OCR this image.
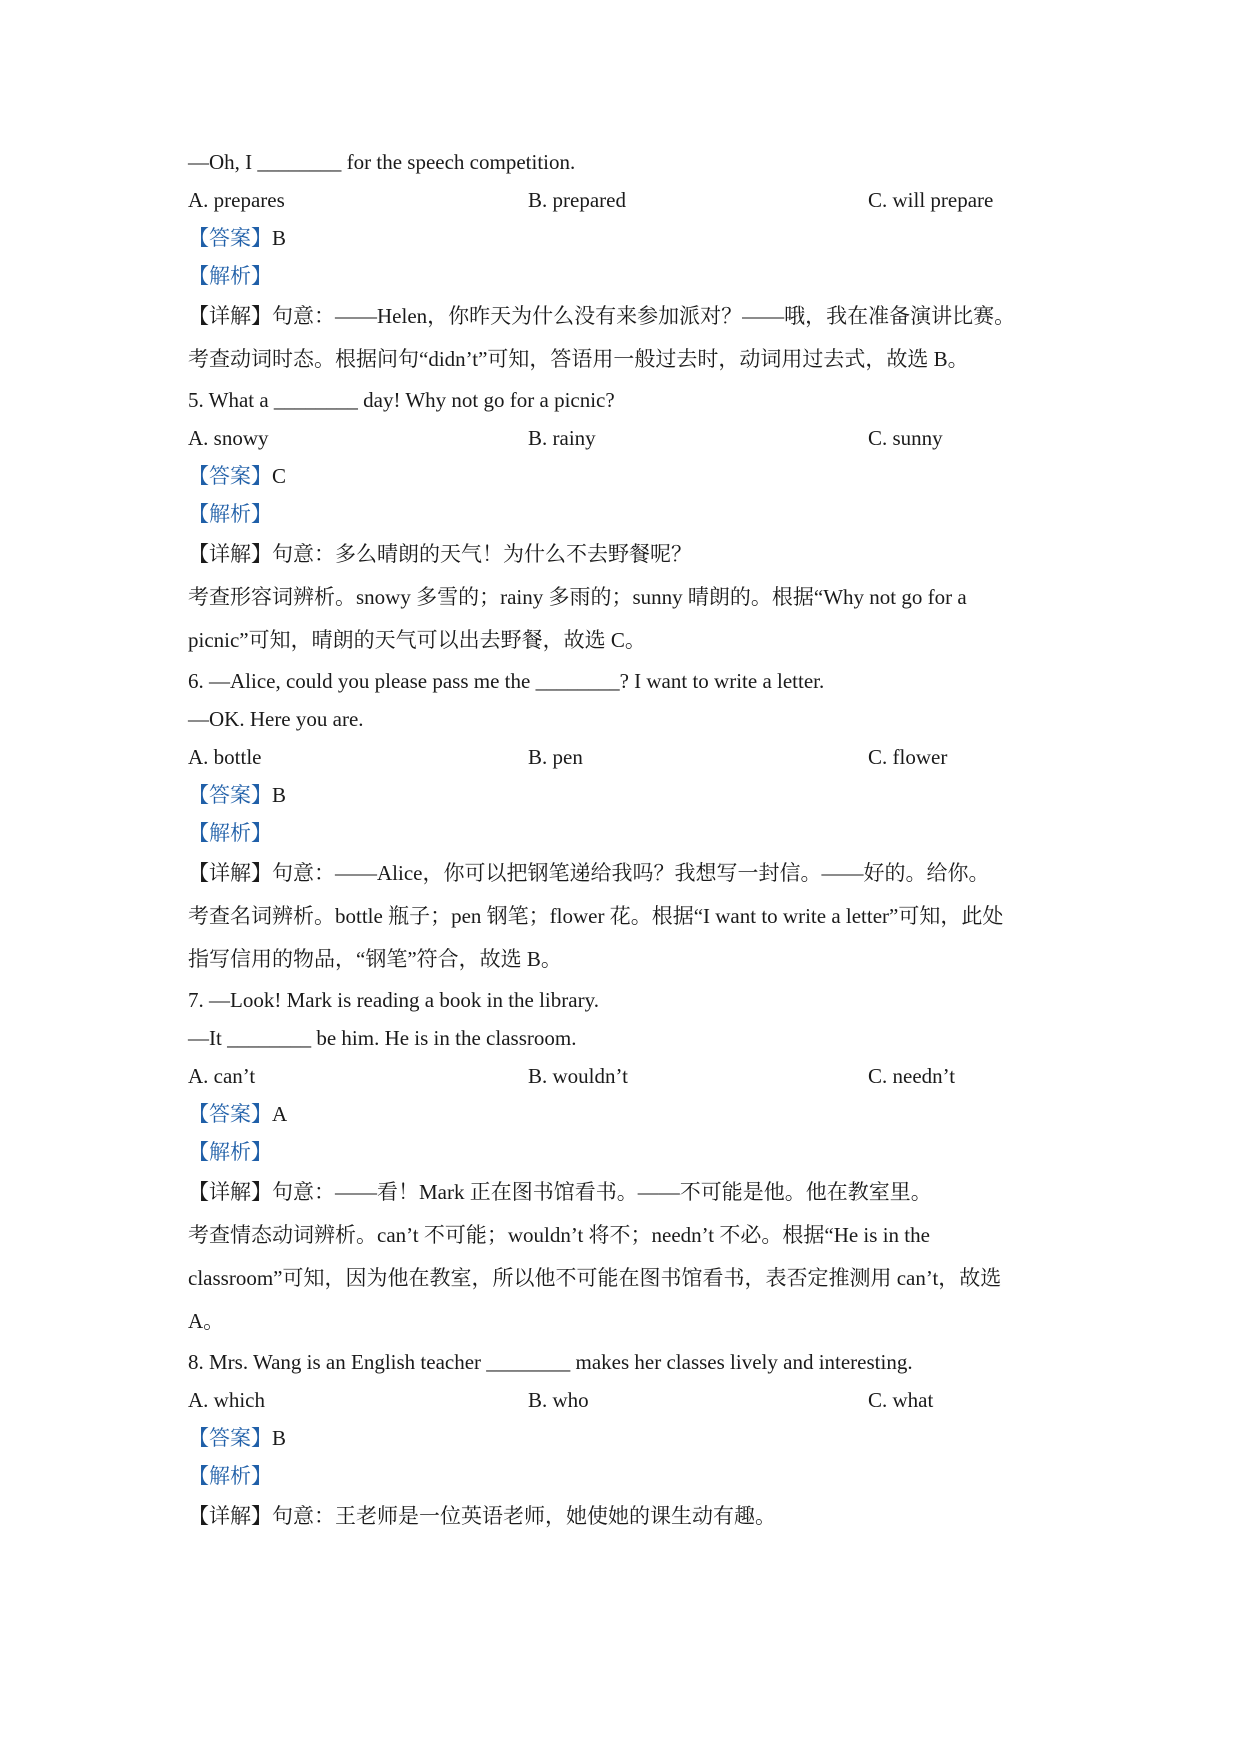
—Oh, I ________ for the speech competition.
A. prepares	B. prepared	C. will prepare
【答案】B
【解析】
【详解】句意：——Helen，你昨天为什么没有来参加派对？——哦，我在准备演讲比赛。
考查动词时态。根据问句“didn’t”可知，答语用一般过去时，动词用过去式，故选 B。
5. What a ________ day! Why not go for a picnic?
A. snowy	B. rainy	C. sunny
【答案】C
【解析】
【详解】句意：多么晴朗的天气！为什么不去野餐呢？
考查形容词辨析。snowy 多雪的；rainy 多雨的；sunny 晴朗的。根据“Why not go for a
picnic”可知，晴朗的天气可以出去野餐，故选 C。
6. —Alice, could you please pass me the ________? I want to write a letter.
—OK. Here you are.
A. bottle	B. pen	C. flower
【答案】B
【解析】
【详解】句意：——Alice，你可以把钢笔递给我吗？我想写一封信。——好的。给你。
考查名词辨析。bottle 瓶子；pen 钢笔；flower 花。根据“I want to write a letter”可知，此处
指写信用的物品，“钢笔”符合，故选 B。
7. —Look! Mark is reading a book in the library.
—It ________ be him. He is in the classroom.
A. can’t	B. wouldn’t	C. needn’t
【答案】A
【解析】
【详解】句意：——看！Mark 正在图书馆看书。——不可能是他。他在教室里。
考查情态动词辨析。can’t 不可能；wouldn’t 将不；needn’t 不必。根据“He is in the
classroom”可知，因为他在教室，所以他不可能在图书馆看书，表否定推测用 can’t，故选
A。
8. Mrs. Wang is an English teacher ________ makes her classes lively and interesting.
A. which	B. who	C. what
【答案】B
【解析】
【详解】句意：王老师是一位英语老师，她使她的课生动有趣。
